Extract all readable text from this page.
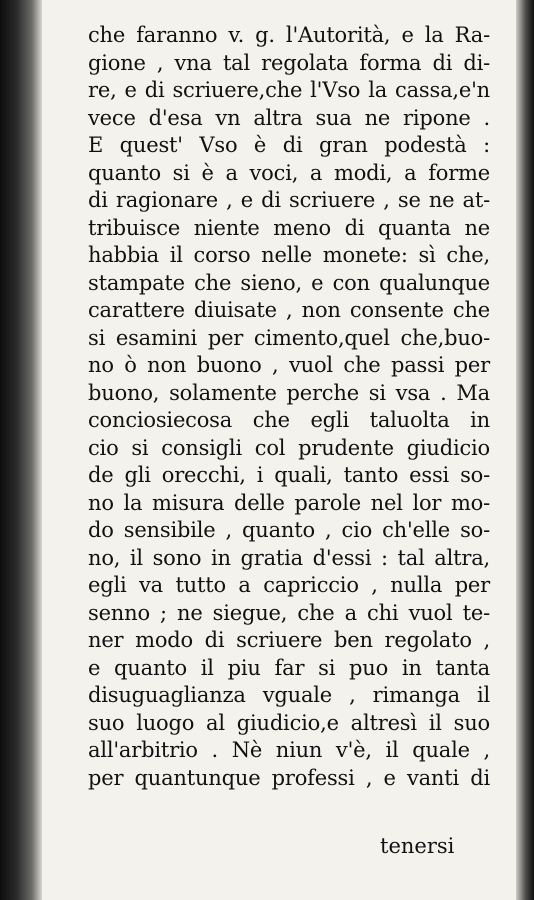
che faranno v. g. l'Autorità, e la Ra-
gione , vna tal regolata forma di di-
re, e di scriuere,che l'Vso la cassa,e'n
vece d'esa vn altra sua ne ripone .
E quest' Vso è di gran podestà :
quanto si è a voci, a modi, a forme
di ragionare , e di scriuere , se ne at-
tribuisce niente meno di quanta ne
habbia il corso nelle monete: sì che,
stampate che sieno, e con qualunque
carattere diuisate , non consente che
si esamini per cimento,quel che,buo-
no ò non buono , vuol che passi per
buono, solamente perche si vsa . Ma
conciosiecosa che egli taluolta in
cio si consigli col prudente giudicio
de gli orecchi, i quali, tanto essi so-
no la misura delle parole nel lor mo-
do sensibile , quanto , cio ch'elle so-
no, il sono in gratia d'essi : tal altra,
egli va tutto a capriccio , nulla per
senno ; ne siegue, che a chi vuol te-
ner modo di scriuere ben regolato ,
e quanto il piu far si puo in tanta
disuguaglianza vguale , rimanga il
suo luogo al giudicio,e altresì il suo
all'arbitrio . Nè niun v'è, il quale ,
per quantunque professi , e vanti di
tenersi
